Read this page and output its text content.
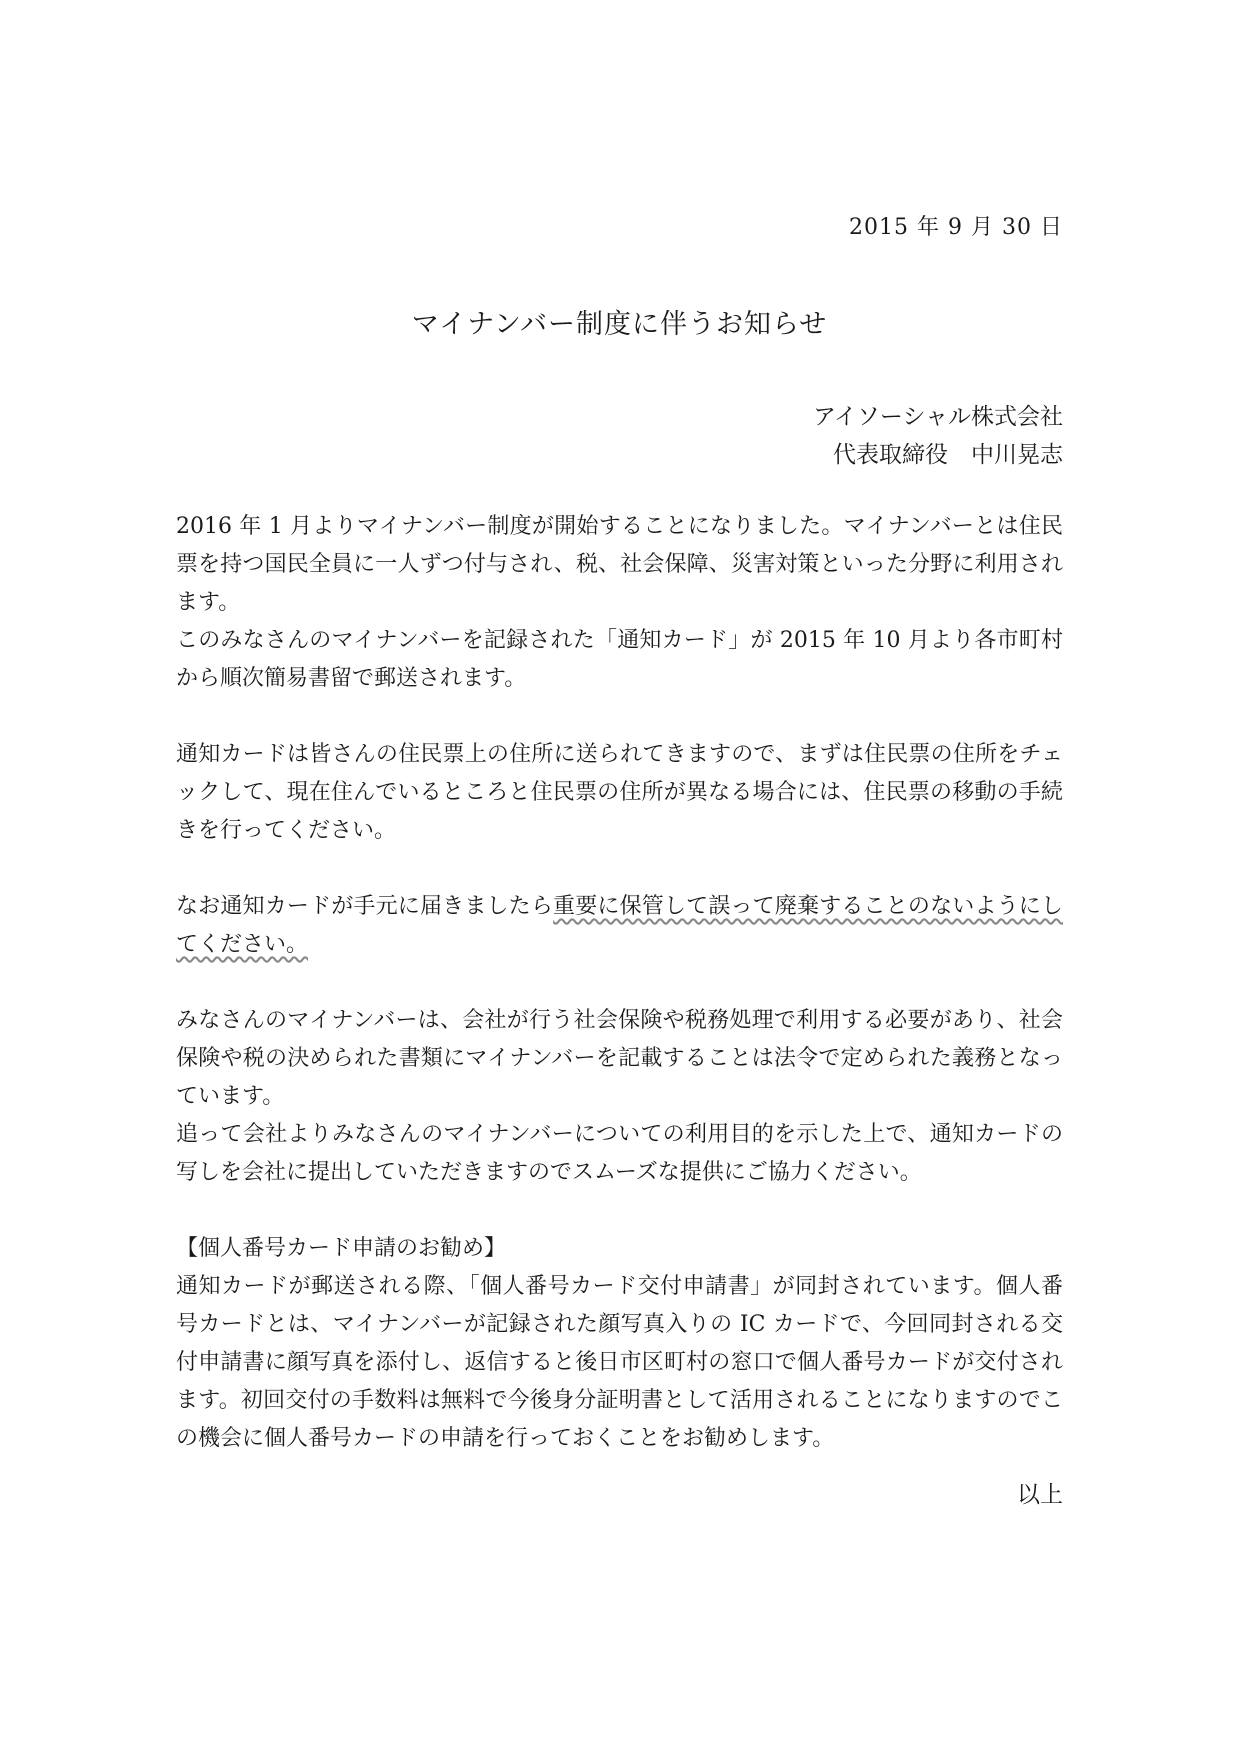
2015 年 9 月 30 日
マイナンバー制度に伴うお知らせ
アイソーシャル株式会社
代表取締役　中川晃志

2016 年 1 月よりマイナンバー制度が開始することになりました。マイナンバーとは住民票を持つ国民全員に一人ずつ付与され、税、社会保障、災害対策といった分野に利用されます。

このみなさんのマイナンバーを記録された「通知カード」が 2015 年 10 月より各市町村から順次簡易書留で郵送されます。

通知カードは皆さんの住民票上の住所に送られてきますので、まずは住民票の住所をチェックして、現在住んでいるところと住民票の住所が異なる場合には、住民票の移動の手続きを行ってください。

なお通知カードが手元に届きましたら重要に保管して誤って廃棄することのないようにしてください。

みなさんのマイナンバーは、会社が行う社会保険や税務処理で利用する必要があり、社会保険や税の決められた書類にマイナンバーを記載することは法令で定められた義務となっています。

追って会社よりみなさんのマイナンバーについての利用目的を示した上で、通知カードの写しを会社に提出していただきますのでスムーズな提供にご協力ください。

【個人番号カード申請のお勧め】

通知カードが郵送される際、「個人番号カード交付申請書」が同封されています。個人番号カードとは、マイナンバーが記録された顔写真入りの IC カードで、今回同封される交付申請書に顔写真を添付し、返信すると後日市区町村の窓口で個人番号カードが交付されます。初回交付の手数料は無料で今後身分証明書として活用されることになりますのでこの機会に個人番号カードの申請を行っておくことをお勧めします。

以上
